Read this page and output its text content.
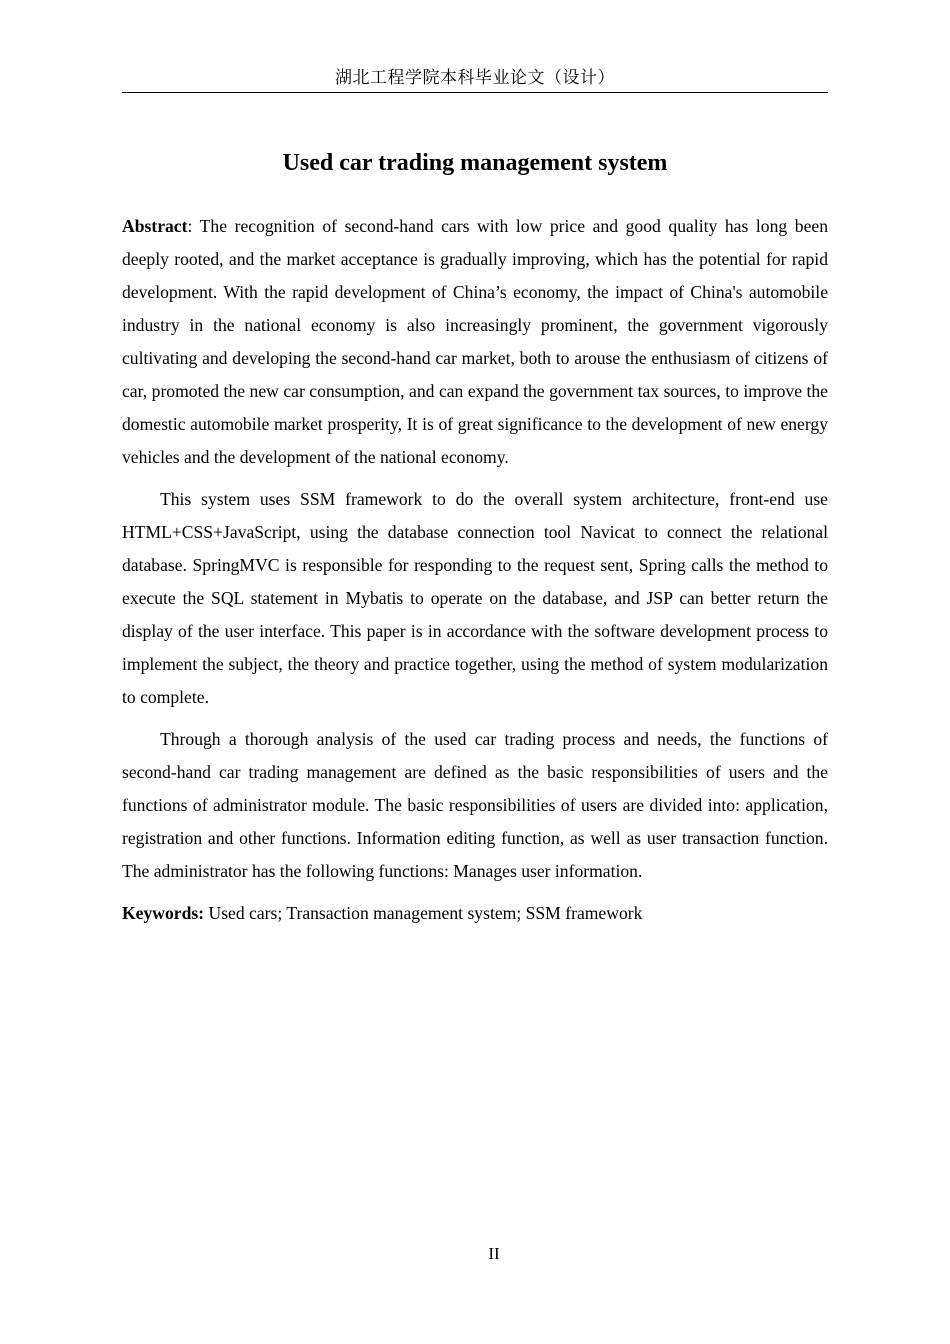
湖北工程学院本科毕业论文（设计）
Used car trading management system

Abstract: The recognition of second-hand cars with low price and good quality has long been deeply rooted, and the market acceptance is gradually improving, which has the potential for rapid development. With the rapid development of China’s economy, the impact of China's automobile industry in the national economy is also increasingly prominent, the government vigorously cultivating and developing the second-hand car market, both to arouse the enthusiasm of citizens of car, promoted the new car consumption, and can expand the government tax sources, to improve the domestic automobile market prosperity, It is of great significance to the development of new energy vehicles and the development of the national economy.

This system uses SSM framework to do the overall system architecture, front-end use HTML+CSS+JavaScript, using the database connection tool Navicat to connect the relational database. SpringMVC is responsible for responding to the request sent, Spring calls the method to execute the SQL statement in Mybatis to operate on the database, and JSP can better return the display of the user interface. This paper is in accordance with the software development process to implement the subject, the theory and practice together, using the method of system modularization to complete.

Through a thorough analysis of the used car trading process and needs, the functions of second-hand car trading management are defined as the basic responsibilities of users and the functions of administrator module. The basic responsibilities of users are divided into: application, registration and other functions. Information editing function, as well as user transaction function. The administrator has the following functions: Manages user information.

Keywords: Used cars; Transaction management system; SSM framework

II
